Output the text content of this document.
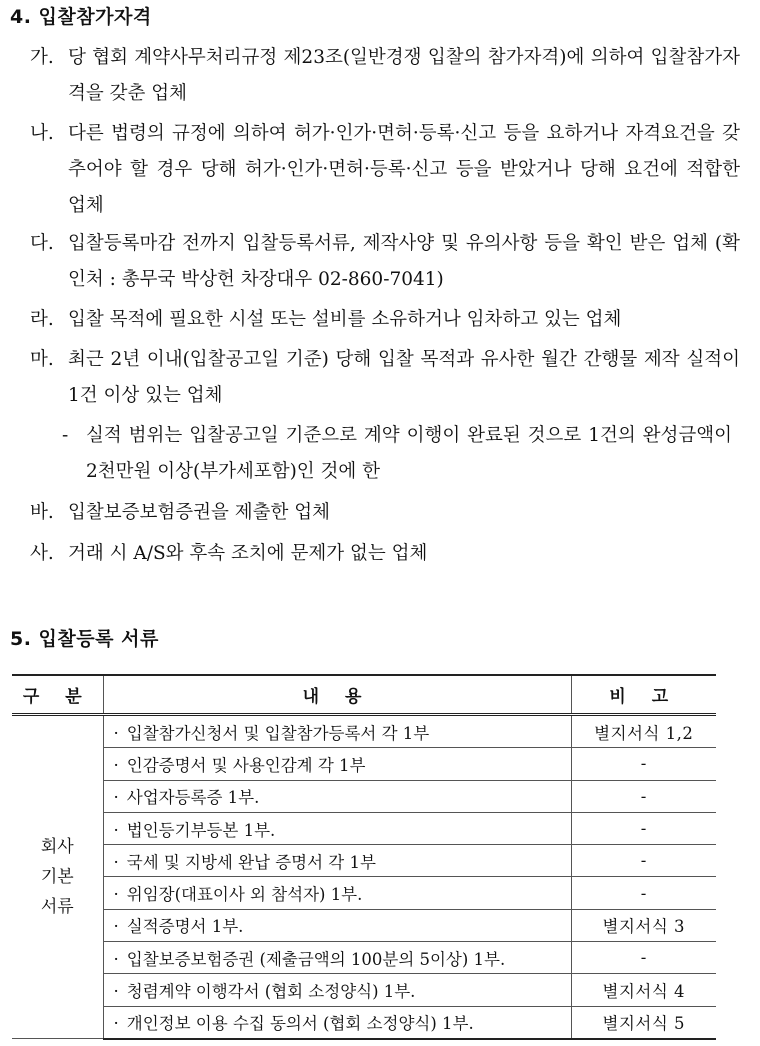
4. 입찰참가자격
가. 당 협회 계약사무처리규정 제23조(일반경쟁 입찰의 참가자격)에 의하여 입찰참가자격을 갖춘 업체
나. 다른 법령의 규정에 의하여 허가·인가·면허·등록·신고 등을 요하거나 자격요건을 갖추어야 할 경우 당해 허가·인가·면허·등록·신고 등을 받았거나 당해 요건에 적합한 업체
다. 입찰등록마감 전까지 입찰등록서류, 제작사양 및 유의사항 등을 확인 받은 업체 (확인처 : 총무국 박상헌 차장대우 02-860-7041)
라. 입찰 목적에 필요한 시설 또는 설비를 소유하거나 임차하고 있는 업체
마. 최근 2년 이내(입찰공고일 기준) 당해 입찰 목적과 유사한 월간 간행물 제작 실적이 1건 이상 있는 업체
- 실적 범위는 입찰공고일 기준으로 계약 이행이 완료된 것으로 1건의 완성금액이 2천만원 이상(부가세포함)인 것에 한
바. 입찰보증보험증권을 제출한 업체
사. 거래 시 A/S와 후속 조치에 문제가 없는 업체
5. 입찰등록 서류
구 분	내 용	비 고

회사
기본
서류	· 입찰참가신청서 및 입찰참가등록서 각 1부	별지서식 1,2
	· 인감증명서 및 사용인감계 각 1부	-
	· 사업자등록증 1부.	-
	· 법인등기부등본 1부.	-
	· 국세 및 지방세 완납 증명서 각 1부	-
	· 위임장(대표이사 외 참석자) 1부.	-
	· 실적증명서 1부.	별지서식 3
	· 입찰보증보험증권 (제출금액의 100분의 5이상) 1부.	-
	· 청렴계약 이행각서 (협회 소정양식) 1부.	별지서식 4
	· 개인정보 이용 수집 동의서 (협회 소정양식) 1부.	별지서식 5
